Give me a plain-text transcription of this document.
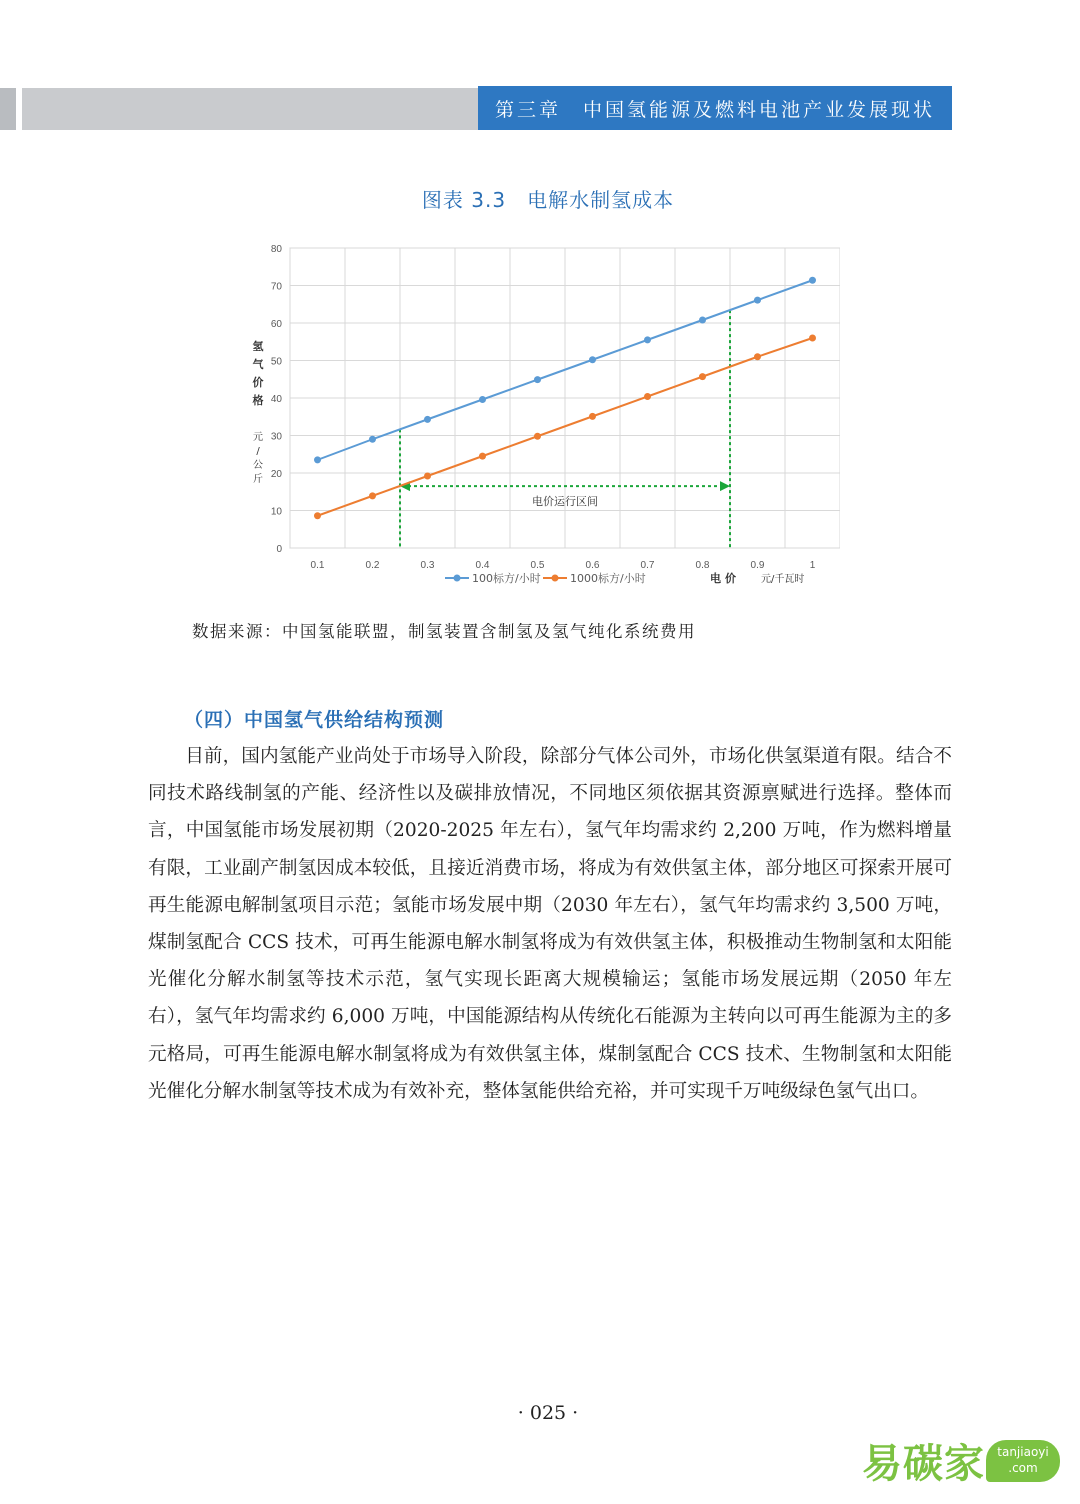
第三章　中国氢能源及燃料电池产业发展现状
图表 3.3　电解水制氢成本
电价运行区间
0
10
20
30
40
50
60
70
80
0.1	0.2	0.3	0.4	0.5	0.6	0.7	0.8	0.9	1
氢
气
价
格
元
/
公
斤
电价 元/千瓦时
100标方/小时	1000标方/小时
数据来源：中国氢能联盟，制氢装置含制氢及氢气纯化系统费用
（四）中国氢气供给结构预测
目前，国内氢能产业尚处于市场导入阶段，除部分气体公司外，市场化供氢渠道有限。结合不同技术路线制氢的产能、经济性以及碳排放情况，不同地区须依据其资源禀赋进行选择。整体而言，中国氢能市场发展初期（2020-2025 年左右），氢气年均需求约 2,200 万吨，作为燃料增量有限，工业副产制氢因成本较低，且接近消费市场，将成为有效供氢主体，部分地区可探索开展可再生能源电解制氢项目示范；氢能市场发展中期（2030 年左右），氢气年均需求约 3,500 万吨，煤制氢配合 CCS 技术，可再生能源电解水制氢将成为有效供氢主体，积极推动生物制氢和太阳能光催化分解水制氢等技术示范，氢气实现长距离大规模输运；氢能市场发展远期（2050 年左右），氢气年均需求约 6,000 万吨，中国能源结构从传统化石能源为主转向以可再生能源为主的多元格局，可再生能源电解水制氢将成为有效供氢主体，煤制氢配合 CCS 技术、生物制氢和太阳能光催化分解水制氢等技术成为有效补充，整体氢能供给充裕，并可实现千万吨级绿色氢气出口。
· 025 ·
易碳家	tanjiaoyi
.com
